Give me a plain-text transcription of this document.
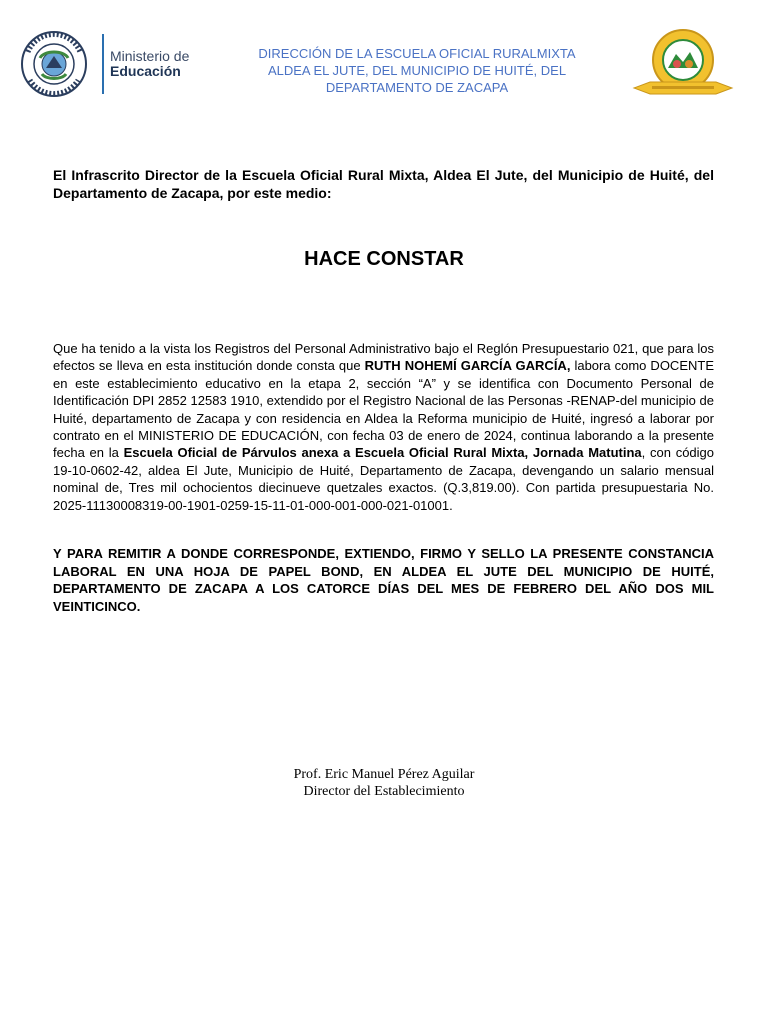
Ministerio de
Educación
DIRECCIÓN DE LA ESCUELA OFICIAL RURALMIXTA
ALDEA EL JUTE, DEL MUNICIPIO DE HUITÉ, DEL
DEPARTAMENTO DE ZACAPA
El Infrascrito Director de la Escuela Oficial Rural Mixta, Aldea El Jute, del Municipio de Huité, del Departamento de Zacapa, por este medio:
HACE CONSTAR
Que ha tenido a la vista los Registros del Personal Administrativo bajo el Reglón Presupuestario 021, que para los efectos se lleva en esta institución donde consta que RUTH NOHEMÍ GARCÍA GARCÍA, labora como DOCENTE en este establecimiento educativo en la etapa 2, sección “A” y se identifica con Documento Personal de Identificación DPI 2852 12583 1910, extendido por el Registro Nacional de las Personas -RENAP-del municipio de Huité, departamento de Zacapa y con residencia en Aldea la Reforma municipio de Huité, ingresó a laborar por contrato en el MINISTERIO DE EDUCACIÓN, con fecha 03 de enero de 2024, continua laborando a la presente fecha en la Escuela Oficial de Párvulos anexa a Escuela Oficial Rural Mixta, Jornada Matutina, con código 19-10-0602-42, aldea El Jute, Municipio de Huité, Departamento de Zacapa, devengando un salario mensual nominal de, Tres mil ochocientos diecinueve quetzales exactos. (Q.3,819.00). Con partida presupuestaria No. 2025-11130008319-00-1901-0259-15-11-01-000-001-000-021-01001.
Y PARA REMITIR A DONDE CORRESPONDE, EXTIENDO, FIRMO Y SELLO LA PRESENTE CONSTANCIA LABORAL EN UNA HOJA DE PAPEL BOND, EN ALDEA EL JUTE DEL MUNICIPIO DE HUITÉ, DEPARTAMENTO DE ZACAPA A LOS CATORCE DÍAS DEL MES DE FEBRERO DEL AÑO DOS MIL VEINTICINCO.
Prof. Eric Manuel Pérez Aguilar
Director del Establecimiento
